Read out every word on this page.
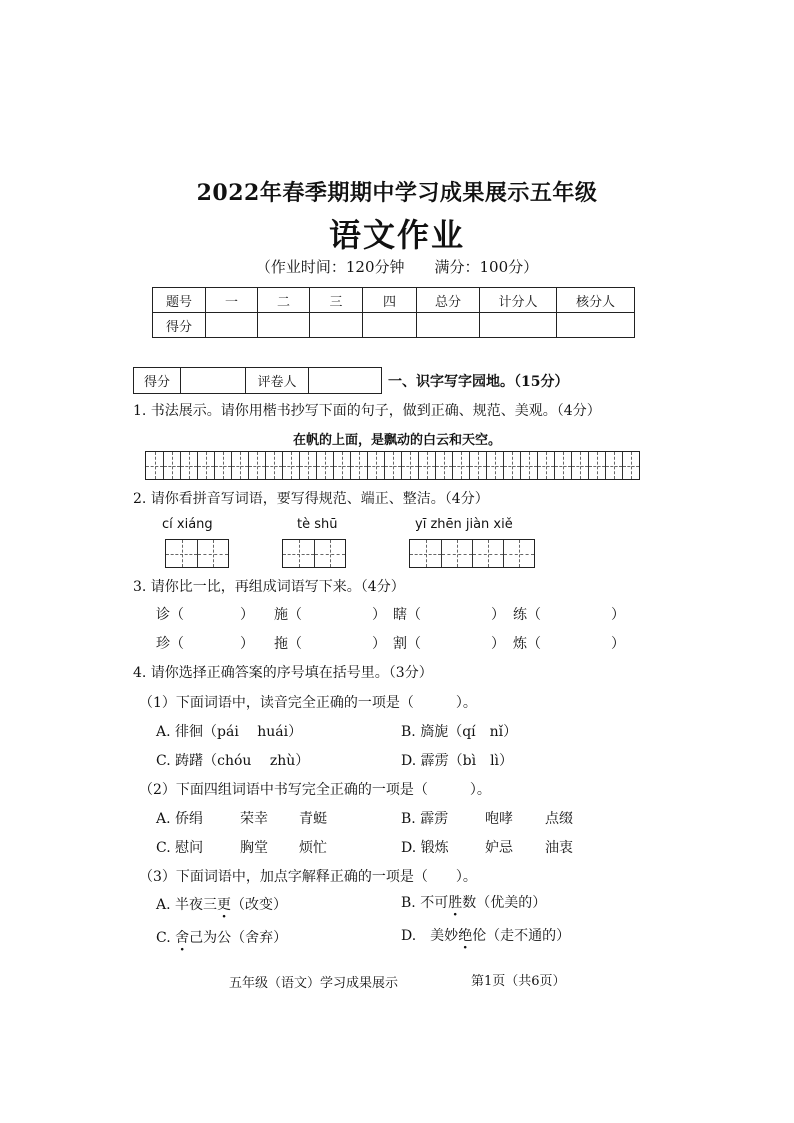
2022年春季期期中学习成果展示五年级
语文作业
（作业时间：120分钟　　满分：100分）
题号	一	二	三	四	总分	计分人	核分人
得分							
得分		评卷人		一、识字写字园地。（15分）
1. 书法展示。请你用楷书抄写下面的句子，做到正确、规范、美观。（4分）
在帆的上面，是飘动的白云和天空。
2. 请你看拼音写词语，要写得规范、端正、整洁。（4分）
cí xiáng	tè shū	yī zhēn jiàn xiě
3. 请你比一比，再组成词语写下来。（4分）
诊（　　　　） 施（　　　　　） 瞎（　　　　　） 练（　　　　　）
珍（　　　　） 拖（　　　　　） 割（　　　　　） 炼（　　　　　）
4. 请你选择正确答案的序号填在括号里。（3分）
（1）下面词语中，读音完全正确的一项是（　　　）。
A. 徘徊（pái　 huái）	B. 旖旎（qí　nǐ）
C. 踌躇（chóu　 zhù）	D. 霹雳（bì　lì）
（2）下面四组词语中书写完全正确的一项是（　　　）。
A. 侨绢	荣幸 青蜓	B. 霹雳	咆哮 点缀
C. 慰问	胸堂 烦忙	D. 锻炼	妒忌 油衷
（3）下面词语中，加点字解释正确的一项是（　　）。
A. 半夜三更（改变）	B. 不可胜数（优美的）
C. 舍己为公（舍弃）	D.　美妙绝伦（走不通的）
五年级（语文）学习成果展示	第1页（共6页）
